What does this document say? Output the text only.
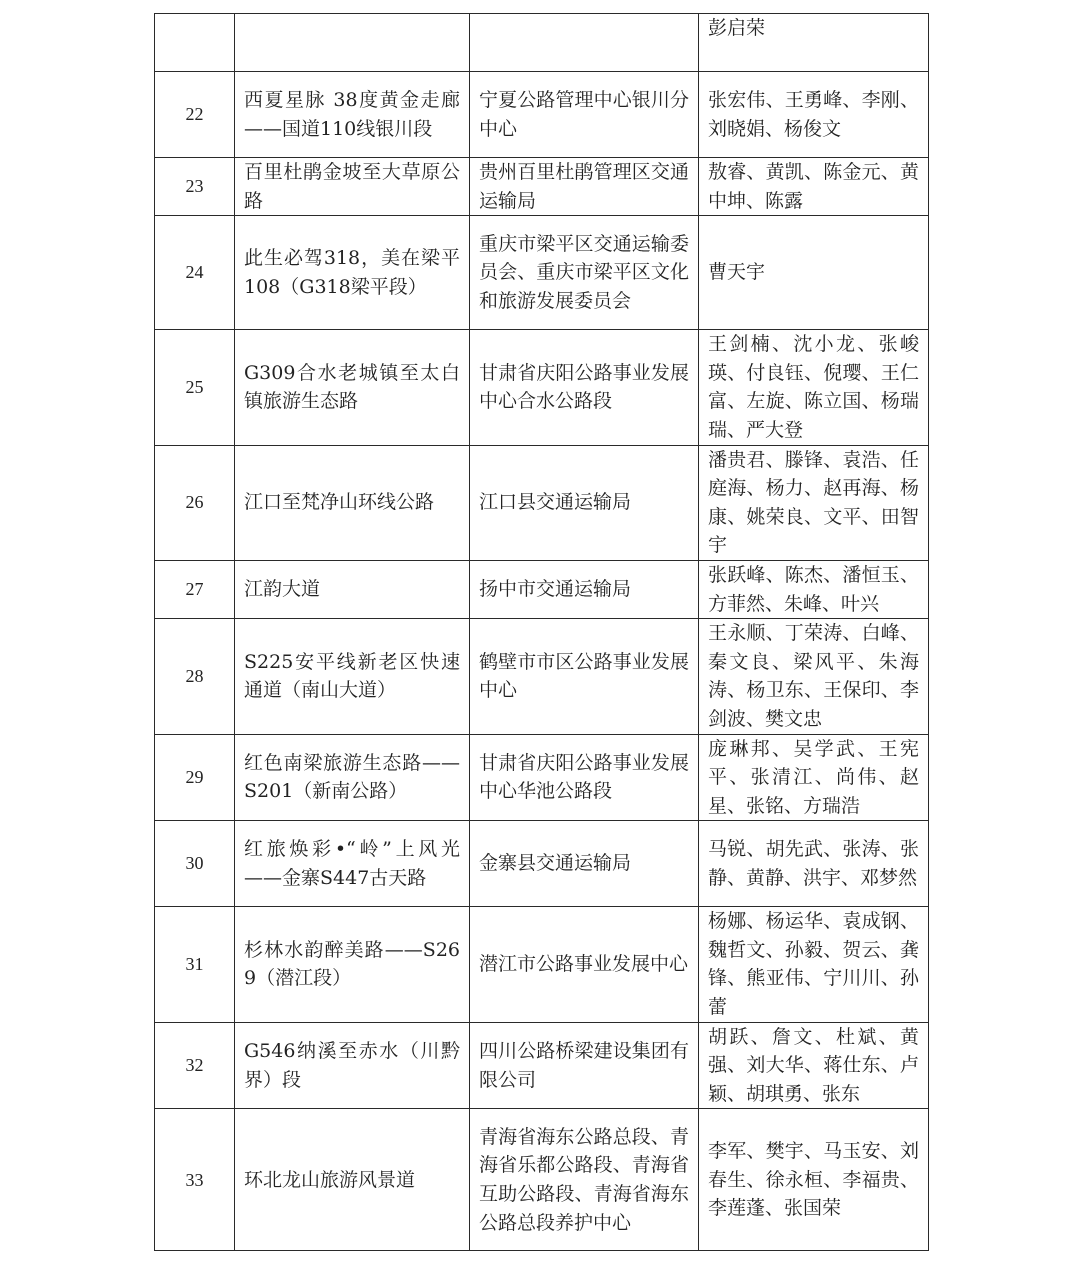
			彭启荣
22	西夏星脉 38度黄金走廊——国道110线银川段	宁夏公路管理中心银川分中心	张宏伟、王勇峰、李刚、刘晓娟、杨俊文
23	百里杜鹃金坡至大草原公路	贵州百里杜鹃管理区交通运输局	敖睿、黄凯、陈金元、黄中坤、陈露
24	此生必驾318，美在梁平108（G318梁平段）	重庆市梁平区交通运输委员会、重庆市梁平区文化和旅游发展委员会	曹天宇
25	G309合水老城镇至太白镇旅游生态路	甘肃省庆阳公路事业发展中心合水公路段	王剑楠、沈小龙、张峻瑛、付良钰、倪璎、王仁富、左旋、陈立国、杨瑞瑞、严大登
26	江口至梵净山环线公路	江口县交通运输局	潘贵君、滕锋、袁浩、任庭海、杨力、赵再海、杨康、姚荣良、文平、田智宇
27	江韵大道	扬中市交通运输局	张跃峰、陈杰、潘恒玉、方菲然、朱峰、叶兴
28	S225安平线新老区快速通道（南山大道）	鹤壁市市区公路事业发展中心	王永顺、丁荣涛、白峰、秦文良、梁风平、朱海涛、杨卫东、王保印、李剑波、樊文忠
29	红色南梁旅游生态路——S201（新南公路）	甘肃省庆阳公路事业发展中心华池公路段	庞琳邦、吴学武、王宪平、张清江、尚伟、赵星、张铭、方瑞浩
30	红旅焕彩•“岭”上风光——金寨S447古天路	金寨县交通运输局	马锐、胡先武、张涛、张静、黄静、洪宇、邓梦然
31	杉林水韵醉美路——S269（潜江段）	潜江市公路事业发展中心	杨娜、杨运华、袁成钢、魏哲文、孙毅、贺云、龚锋、熊亚伟、宁川川、孙蕾
32	G546纳溪至赤水（川黔界）段	四川公路桥梁建设集团有限公司	胡跃、詹文、杜斌、黄强、刘大华、蒋仕东、卢颖、胡琪勇、张东
33	环北龙山旅游风景道	青海省海东公路总段、青海省乐都公路段、青海省互助公路段、青海省海东公路总段养护中心	李军、樊宇、马玉安、刘春生、徐永桓、李福贵、李莲蓬、张国荣
